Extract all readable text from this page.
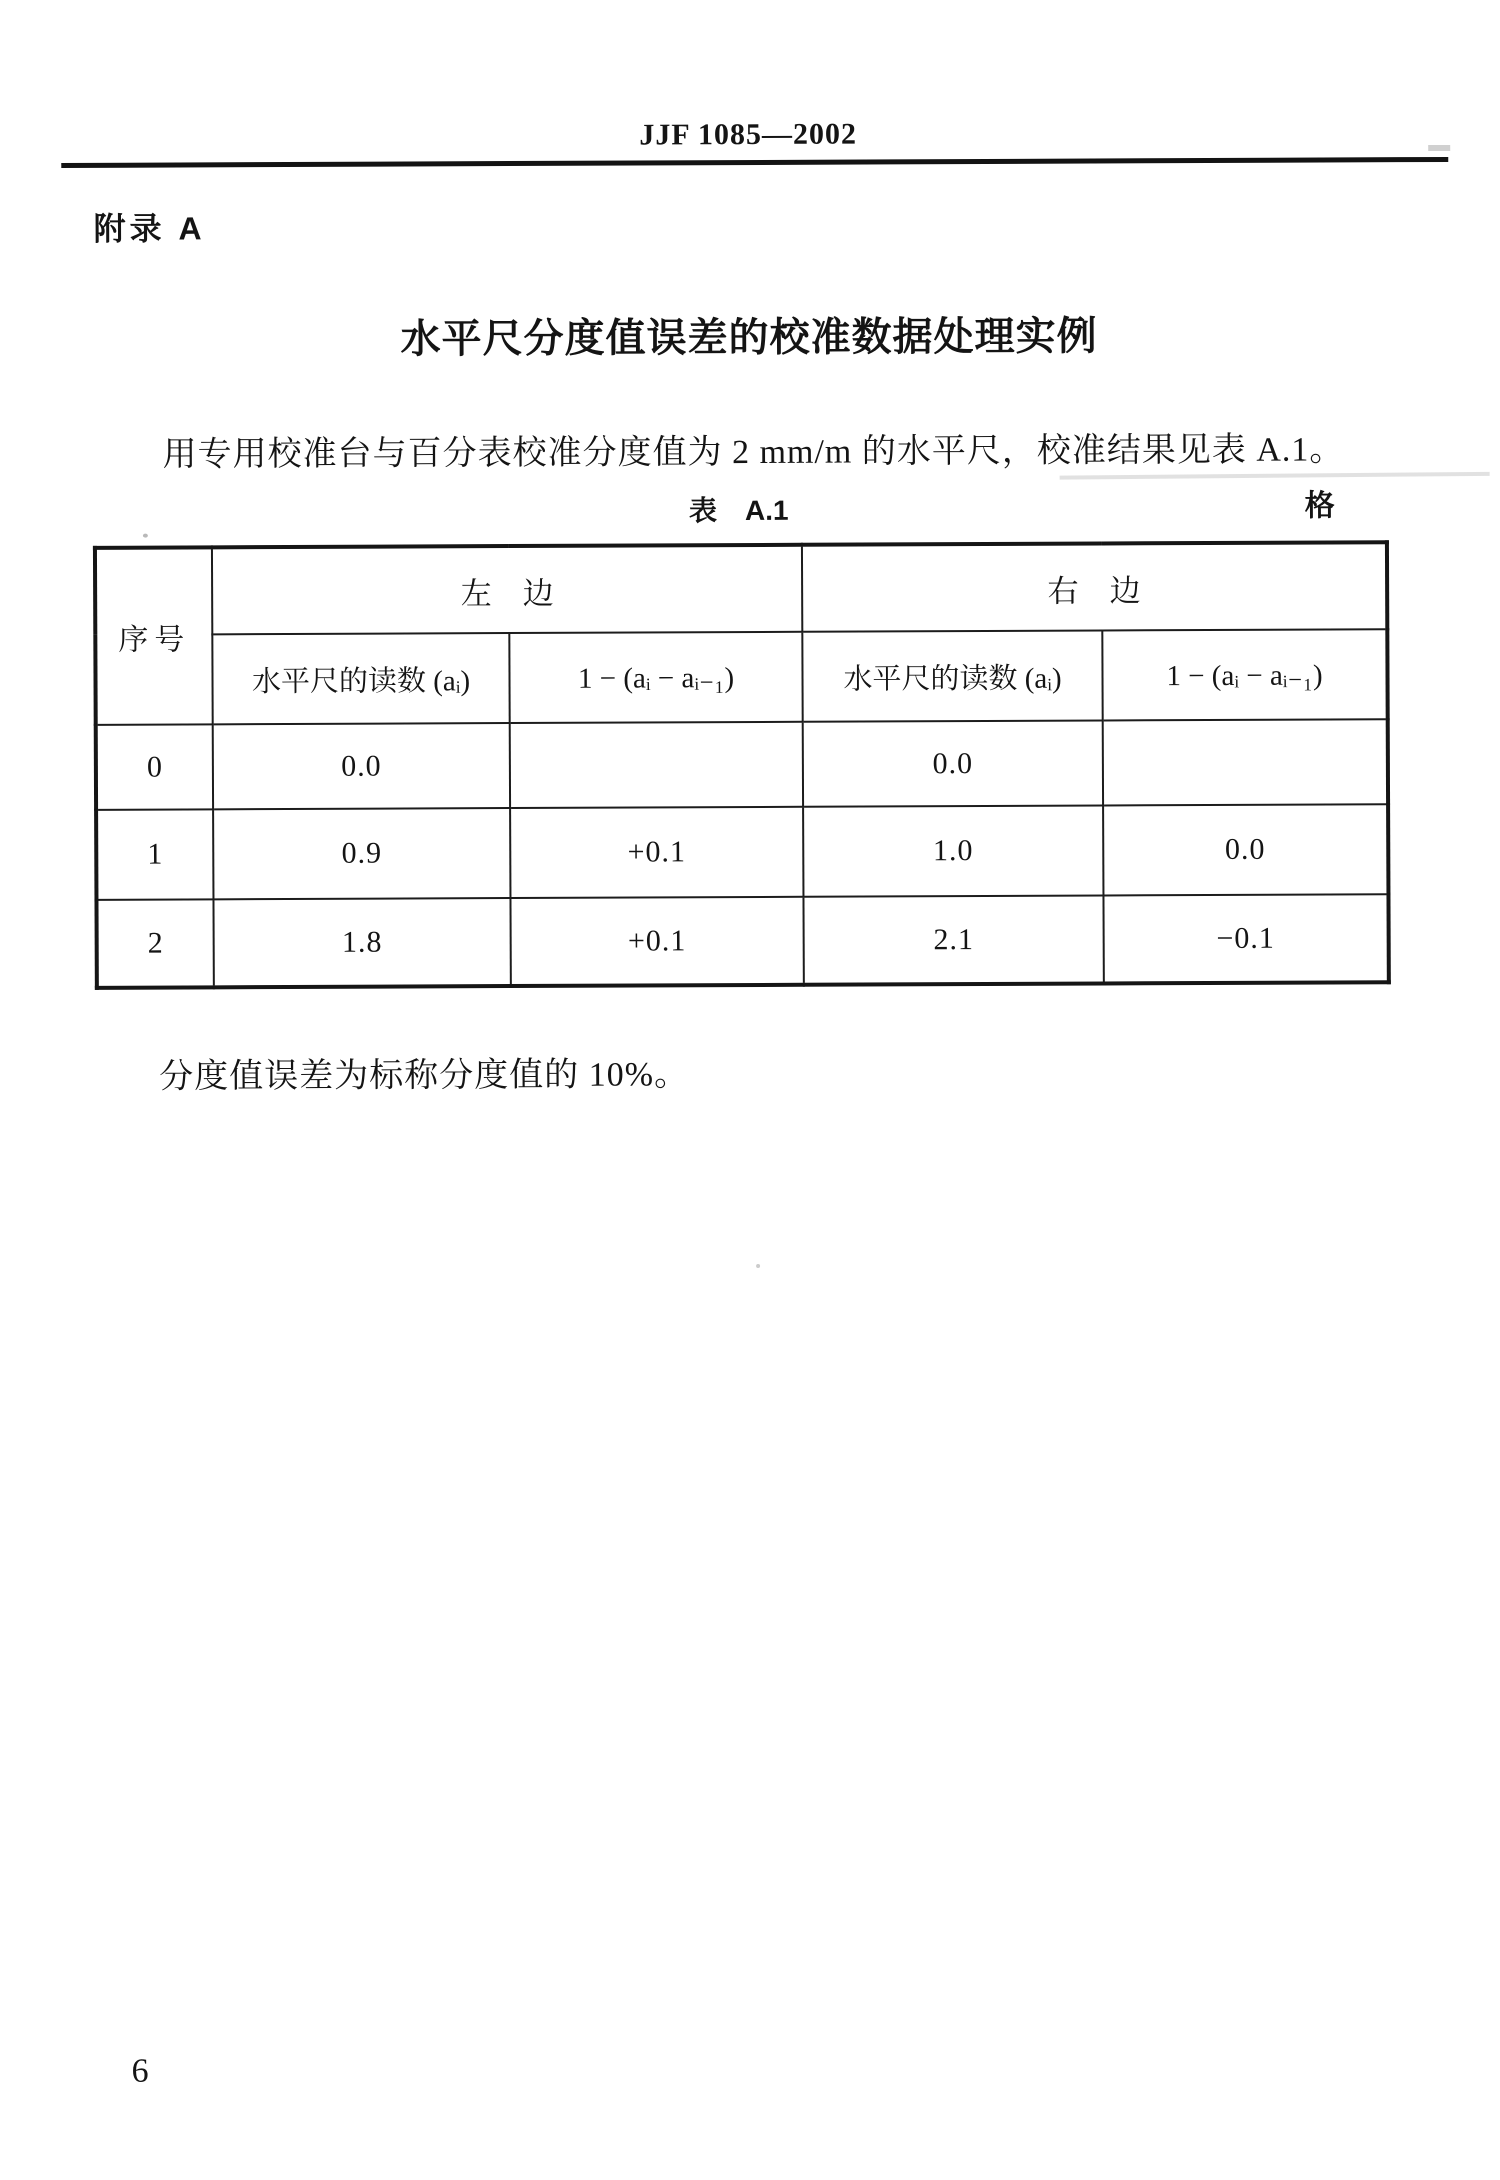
JJF 1085—2002
附录 A
水平尺分度值误差的校准数据处理实例
用专用校准台与百分表校准分度值为 2 mm/m 的水平尺，校准结果见表 A.1。
表　A.1	格
序号	左　边		右　边	
	水平尺的读数 (aᵢ)	1 − (aᵢ − aᵢ₋₁)	水平尺的读数 (aᵢ)	1 − (aᵢ − aᵢ₋₁)
0	0.0		0.0	
1	0.9	+0.1	1.0	0.0
2	1.8	+0.1	2.1	−0.1
分度值误差为标称分度值的 10%。
6
